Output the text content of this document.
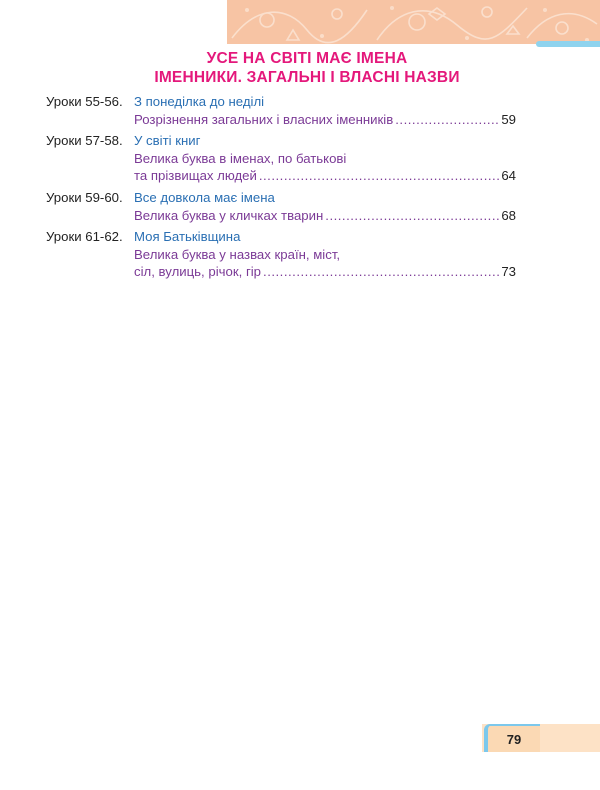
УСЕ НА СВІТІ МАЄ ІМЕНА
ІМЕННИКИ. ЗАГАЛЬНІ І ВЛАСНІ НАЗВИ
Уроки 55-56. З понеділка до неділі
Розрізнення загальних і власних іменників .....	59
Уроки 57-58. У світі книг
Велика буква в іменах, по батькові
та прізвищах людей .....	64
Уроки 59-60. Все довкола має імена
Велика буква у кличках тварин .....	68
Уроки 61-62. Моя Батьківщина
Велика буква у назвах країн, міст,
сіл, вулиць, річок, гір .....	73
79
